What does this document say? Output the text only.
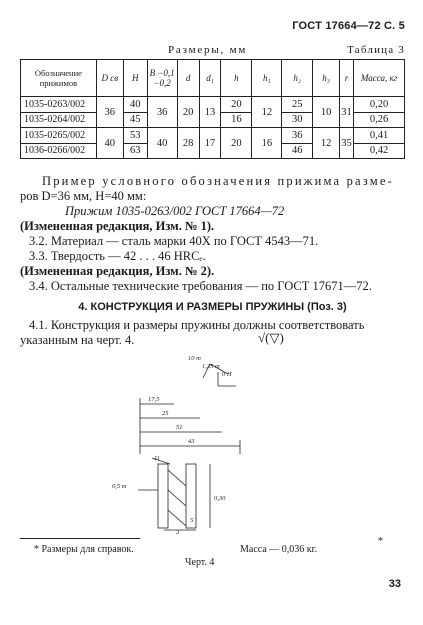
ГОСТ 17664—72 С. 5
Размеры, мм	Таблица 3
Обозначение прижимов	D св	H	B −0,1 −0,2	d	d₁	h	h₁	h₂	h₃	r	Масса, кг
1035-0263/002	36	40	36	20	13	20	12	25	10	31	0,20
1035-0264/002		45				16		30			0,26
1035-0265/002	40	53	40	28	17	20	16	36	12	35	0,41
1036-0266/002		63						46			0,42
Пример условного обозначения прижима разме-
ров D=36 мм, H=40 мм:
Прижим 1035-0263/002 ГОСТ 17664—72
(Измененная редакция, Изм. № 1).
3.2. Материал — сталь марки 40Х по ГОСТ 4543—71.
3.3. Твердость — 42 . . . 46 HRCₑ.
(Измененная редакция, Изм. № 2).
3.4. Остальные технические требования — по ГОСТ 17671—72.
4. КОНСТРУКЦИЯ И РАЗМЕРЫ ПРУЖИНЫ (Поз. 3)
4.1. Конструкция и размеры пружины должны соответствовать
указанным на черт. 4.	√(▽)
10 m
1,35 m
0 H
17,5
25
51
43
11
0,5 m
0,30
5
3
* Размеры для справок.	Масса — 0,036 кг.
*
Черт. 4
33
